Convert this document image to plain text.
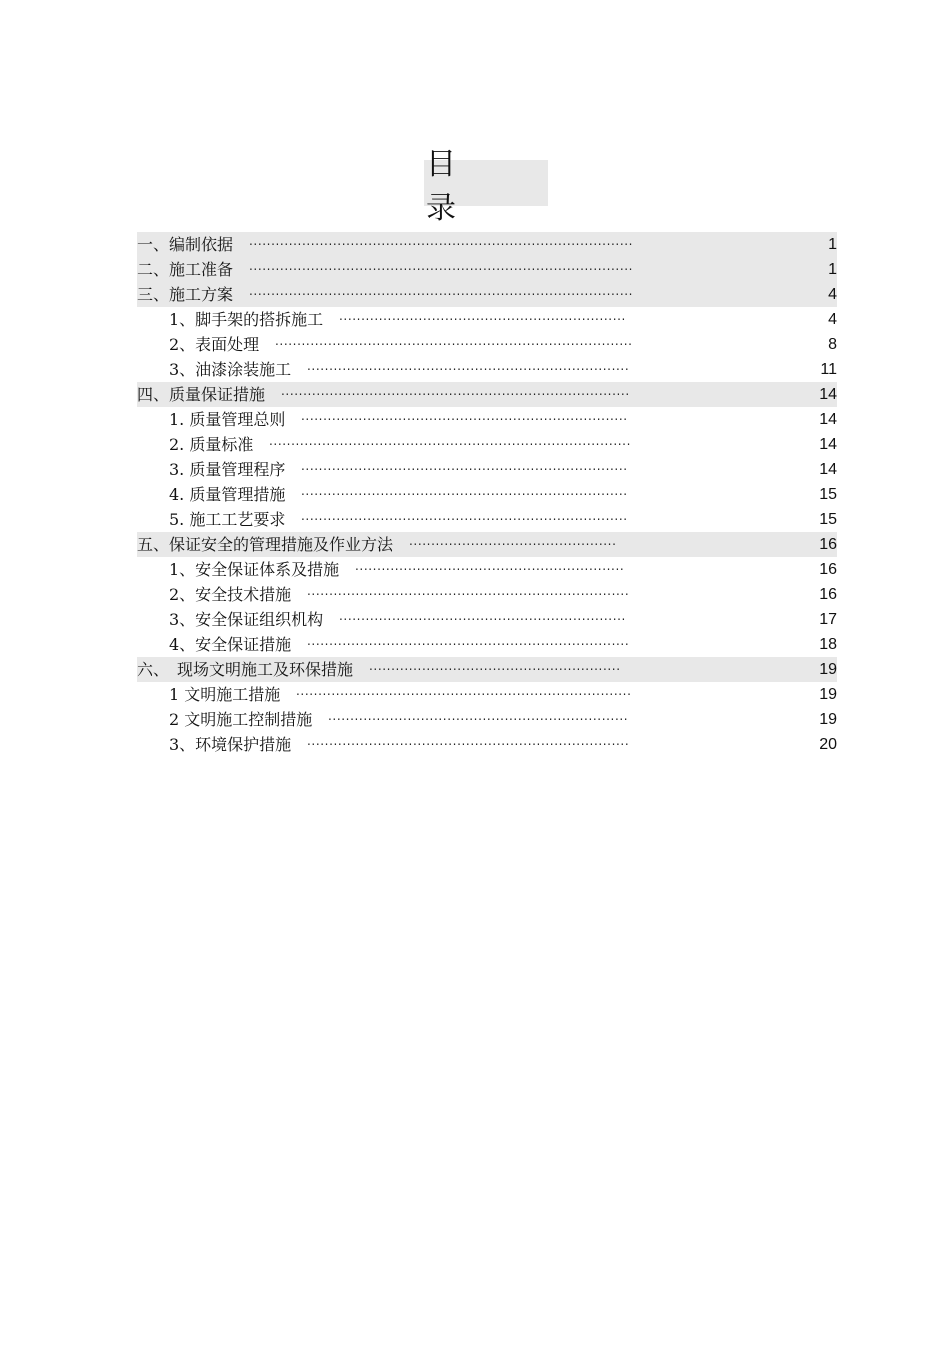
目　录
一、编制依据 .......................................................................................	1
二、施工准备 .......................................................................................	1
三、施工方案 .......................................................................................	4
1、脚手架的搭拆施工 .................................................................	4
2、表面处理 .................................................................................	8
3、油漆涂装施工 .........................................................................	11
四、质量保证措施 ...............................................................................	14
1. 质量管理总则 ..........................................................................	14
2. 质量标准 ..................................................................................	14
3. 质量管理程序 ..........................................................................	14
4. 质量管理措施 ..........................................................................	15
5. 施工工艺要求 ..........................................................................	15
五、保证安全的管理措施及作业方法 ...............................................	16
1、安全保证体系及措施 .............................................................	16
2、安全技术措施 .........................................................................	16
3、安全保证组织机构 .................................................................	17
4、安全保证措施 .........................................................................	18
六、　现场文明施工及环保措施 .........................................................	19
1 文明施工措施 ............................................................................	19
2 文明施工控制措施 ....................................................................	19
3、环境保护措施 .........................................................................	20
